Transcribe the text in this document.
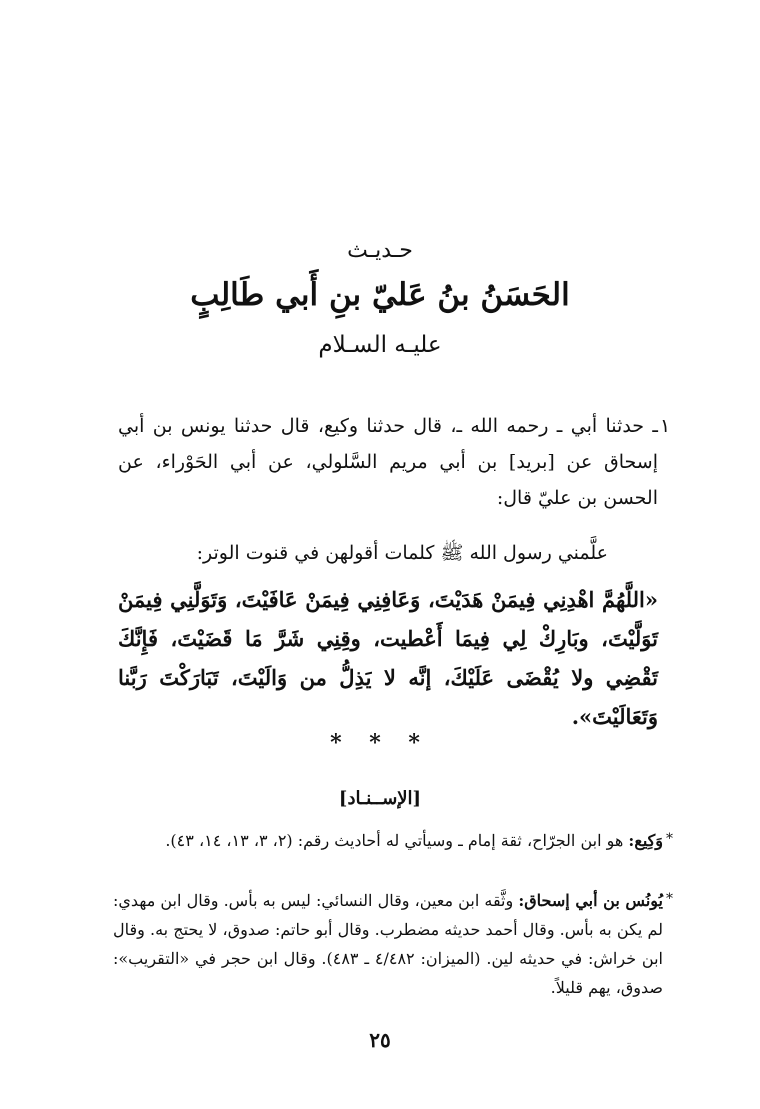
حـديـث
الحَسَنُ بنُ عَليّ بنِ أَبي طَالِبٍ
عليـه السـلام
١
ـ حدثنا أبي ـ رحمه الله ـ، قال حدثنا وكيع، قال حدثنا يونس بن أبي إسحاق عن [بريد] بن أبي مريم السَّلولي، عن أبي الحَوْراء، عن الحسن بن عليّ قال:
علَّمني رسول الله ﷺ كلمات أقولهن في قنوت الوتر:
«اللَّهُمَّ اهْدِنِي فِيمَنْ هَدَيْتَ، وَعَافِنِي فِيمَنْ عَافَيْتَ، وَتَوَلَّنِي فِيمَنْ تَوَلَّيْتَ، وبَارِكْ لِي فِيمَا أَعْطيت، وقِنِي شَرَّ مَا قَضَيْتَ، فَإِنَّكَ تَقْضِي ولا يُقْضَى عَلَيْكَ، إنَّه لا يَذِلُّ من وَالَيْتَ، تَبَارَكْتَ رَبَّنا وَتَعَالَيْتَ».
* * *
[الإســنـاد]
*
وَكِيع: هو ابن الجرّاح، ثقة إمام ـ وسيأتي له أحاديث رقم: (٢، ٣، ١٣، ١٤، ٤٣).
*
يُونُس بن أبي إسحاق: وثَّقه ابن معين، وقال النسائي: ليس به بأس. وقال ابن مهدي: لم يكن به بأس. وقال أحمد حديثه مضطرب. وقال أبو حاتم: صدوق، لا يحتج به. وقال ابن خراش: في حديثه لين. (الميزان: ٤/٤٨٢ ـ ٤٨٣). وقال ابن حجر في «التقريب»: صدوق، يهم قليلاً.
٢٥
